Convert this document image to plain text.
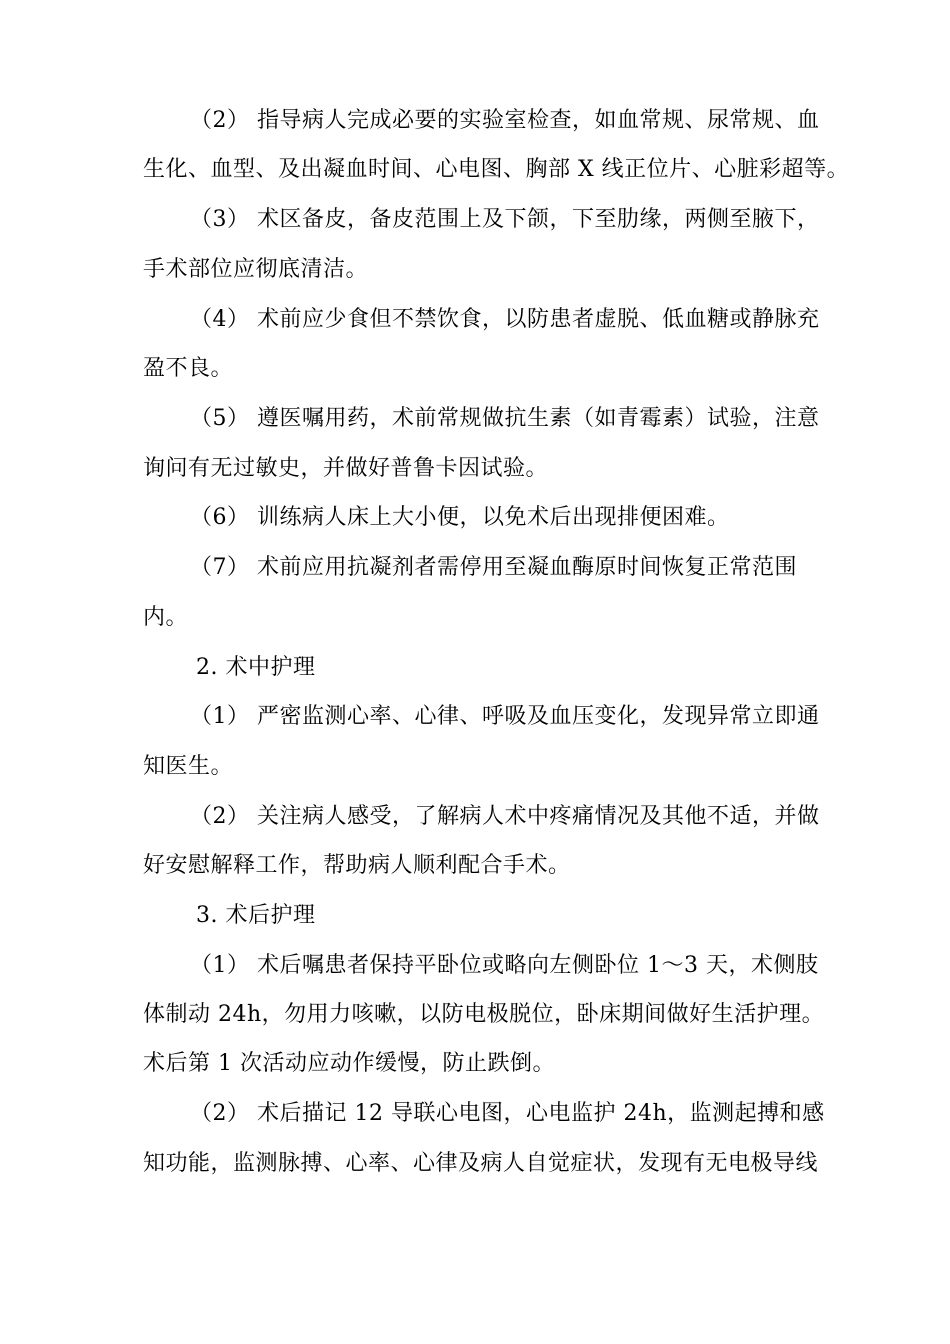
（2） 指导病人完成必要的实验室检查，如血常规、尿常规、血
生化、血型、及出凝血时间、心电图、胸部 X 线正位片、心脏彩超等。
（3） 术区备皮，备皮范围上及下颌，下至肋缘，两侧至腋下，
手术部位应彻底清洁。
（4） 术前应少食但不禁饮食，以防患者虚脱、低血糖或静脉充
盈不良。
（5） 遵医嘱用药，术前常规做抗生素（如青霉素）试验，注意
询问有无过敏史，并做好普鲁卡因试验。
（6） 训练病人床上大小便，以免术后出现排便困难。
（7） 术前应用抗凝剂者需停用至凝血酶原时间恢复正常范围
内。
2. 术中护理
（1） 严密监测心率、心律、呼吸及血压变化，发现异常立即通
知医生。
（2） 关注病人感受，了解病人术中疼痛情况及其他不适，并做
好安慰解释工作，帮助病人顺利配合手术。
3. 术后护理
（1） 术后嘱患者保持平卧位或略向左侧卧位 1～3 天，术侧肢
体制动 24h，勿用力咳嗽，以防电极脱位，卧床期间做好生活护理。
术后第 1 次活动应动作缓慢，防止跌倒。
（2） 术后描记 12 导联心电图，心电监护 24h，监测起搏和感
知功能，监测脉搏、心率、心律及病人自觉症状，发现有无电极导线
